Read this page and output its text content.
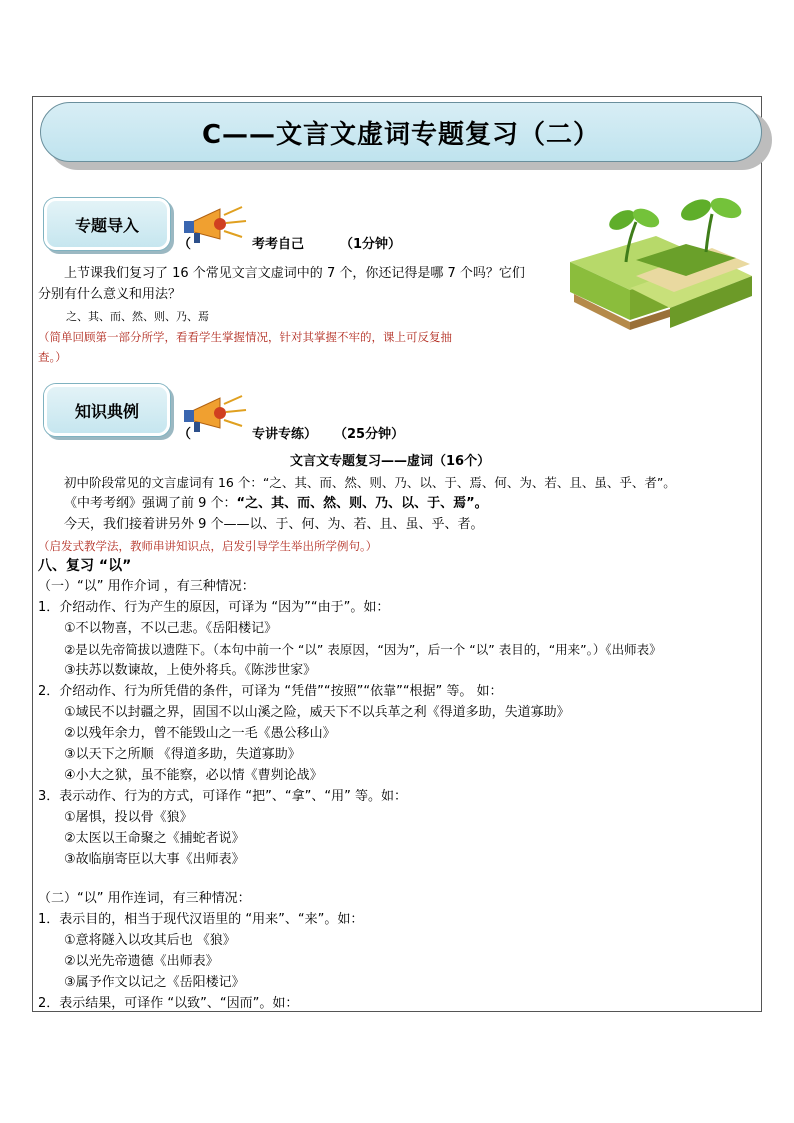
C——文言文虚词专题复习（二）
专题导入
（	考考自己	（1分钟）
上节课我们复习了 16 个常见文言文虚词中的 7 个，你还记得是哪 7 个吗？它们
分别有什么意义和用法？
之、其、而、然、则、乃、焉
（简单回顾第一部分所学，看看学生掌握情况，针对其掌握不牢的，课上可反复抽
查。）
知识典例
（	专讲专练） （25分钟）
文言文专题复习——虚词（16个）
初中阶段常见的文言虚词有 16 个：“之、其、而、然、则、乃、以、于、焉、何、为、若、且、虽、乎、者”。
《中考考纲》强调了前 9 个：“之、其、而、然、则、乃、以、于、焉”。
今天，我们接着讲另外 9 个——以、于、何、为、若、且、虽、乎、者。
（启发式教学法，教师串讲知识点，启发引导学生举出所学例句。）
八、复习 “以”
（一）“以” 用作介词 ，有三种情况：
1．介绍动作、行为产生的原因，可译为 “因为”“由于”。如：
①不以物喜，不以己悲。《岳阳楼记》
②是以先帝简拔以遗陛下。（本句中前一个 “以” 表原因，“因为”，后一个 “以” 表目的，“用来”。）《出师表》
③扶苏以数谏故，上使外将兵。《陈涉世家》
2．介绍动作、行为所凭借的条件，可译为 “凭借”“按照”“依靠”“根据” 等。 如：
①域民不以封疆之界，固国不以山溪之险，威天下不以兵革之利《得道多助，失道寡助》
②以残年余力，曾不能毁山之一毛《愚公移山》
③以天下之所顺 《得道多助，失道寡助》
④小大之狱，虽不能察，必以情《曹刿论战》
3．表示动作、行为的方式，可译作 “把”、“拿”、“用” 等。如：
①屠惧，投以骨《狼》
②太医以王命聚之《捕蛇者说》
③故临崩寄臣以大事《出师表》
（二）“以” 用作连词，有三种情况：
1．表示目的，相当于现代汉语里的 “用来”、“来”。如：
①意将隧入以攻其后也 《狼》
②以光先帝遗德《出师表》
③属予作文以记之《岳阳楼记》
2．表示结果，可译作 “以致”、“因而”。如：
